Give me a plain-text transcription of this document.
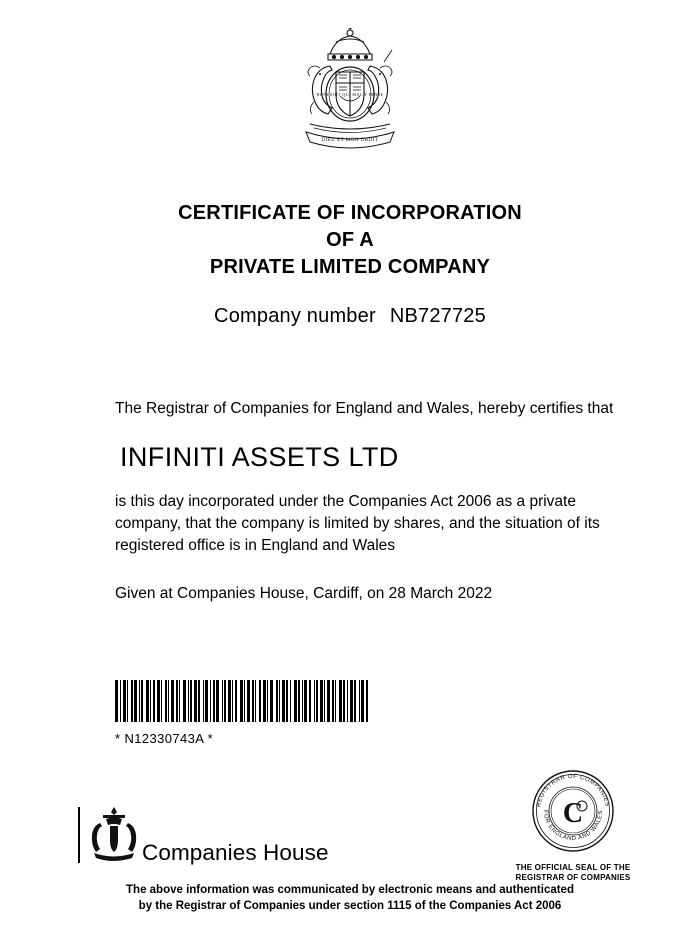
HONI SOIT QUI MAL Y PENSE
DIEU ET MON DROIT
CERTIFICATE OF INCORPORATION
OF A
PRIVATE LIMITED COMPANY
Company number NB727725

The Registrar of Companies for England and Wales, hereby certifies that

INFINITI ASSETS LTD

is this day incorporated under the Companies Act 2006 as a private company, that the company is limited by shares, and the situation of its registered office is in England and Wales

Given at Companies House, Cardiff, on 28 March 2022

* N12330743A *
Companies House
REGISTRAR OF COMPANIES
FOR ENGLAND AND WALES
C
THE OFFICIAL SEAL OF THE
REGISTRAR OF COMPANIES
The above information was communicated by electronic means and authenticated
by the Registrar of Companies under section 1115 of the Companies Act 2006
